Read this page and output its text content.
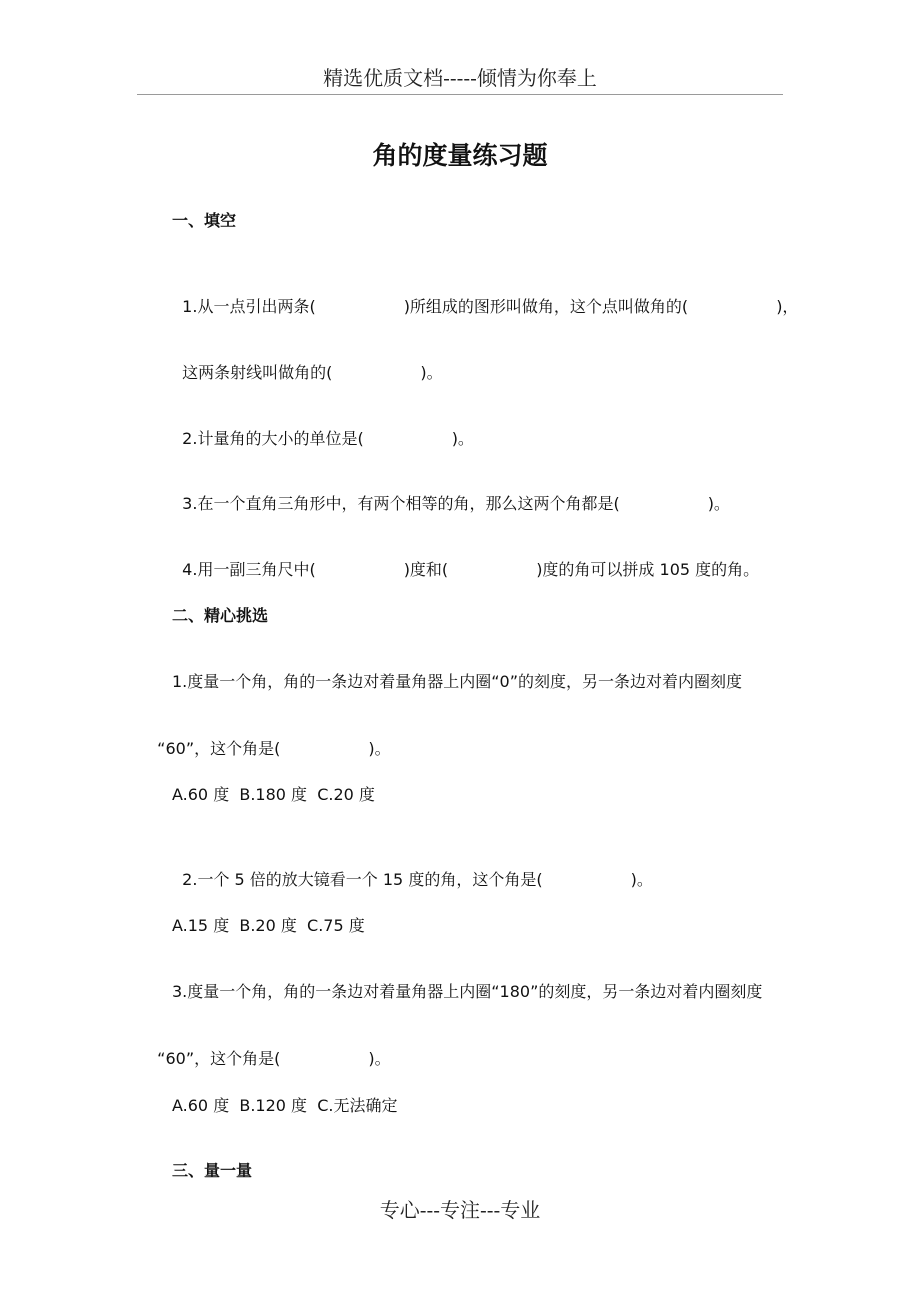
精选优质文档-----倾情为你奉上
角的度量练习题
一、填空

1.从一点引出两条(	)所组成的图形叫做角，这个点叫做角的(	)，

这两条射线叫做角的(	)。

2.计量角的大小的单位是(	)。

3.在一个直角三角形中，有两个相等的角，那么这两个角都是(	)。

4.用一副三角尺中(	)度和(	)度的角可以拼成 105 度的角。

二、精心挑选
1.度量一个角，角的一条边对着量角器上内圈“0”的刻度，另一条边对着内圈刻度

“60”，这个角是(	)。

A.60 度  B.180 度  C.20 度

2.一个 5 倍的放大镜看一个 15 度的角，这个角是(	)。

A.15 度  B.20 度  C.75 度
3.度量一个角，角的一条边对着量角器上内圈“180”的刻度，另一条边对着内圈刻度

“60”，这个角是(	)。

A.60 度  B.120 度  C.无法确定
三、量一量
专心---专注---专业
